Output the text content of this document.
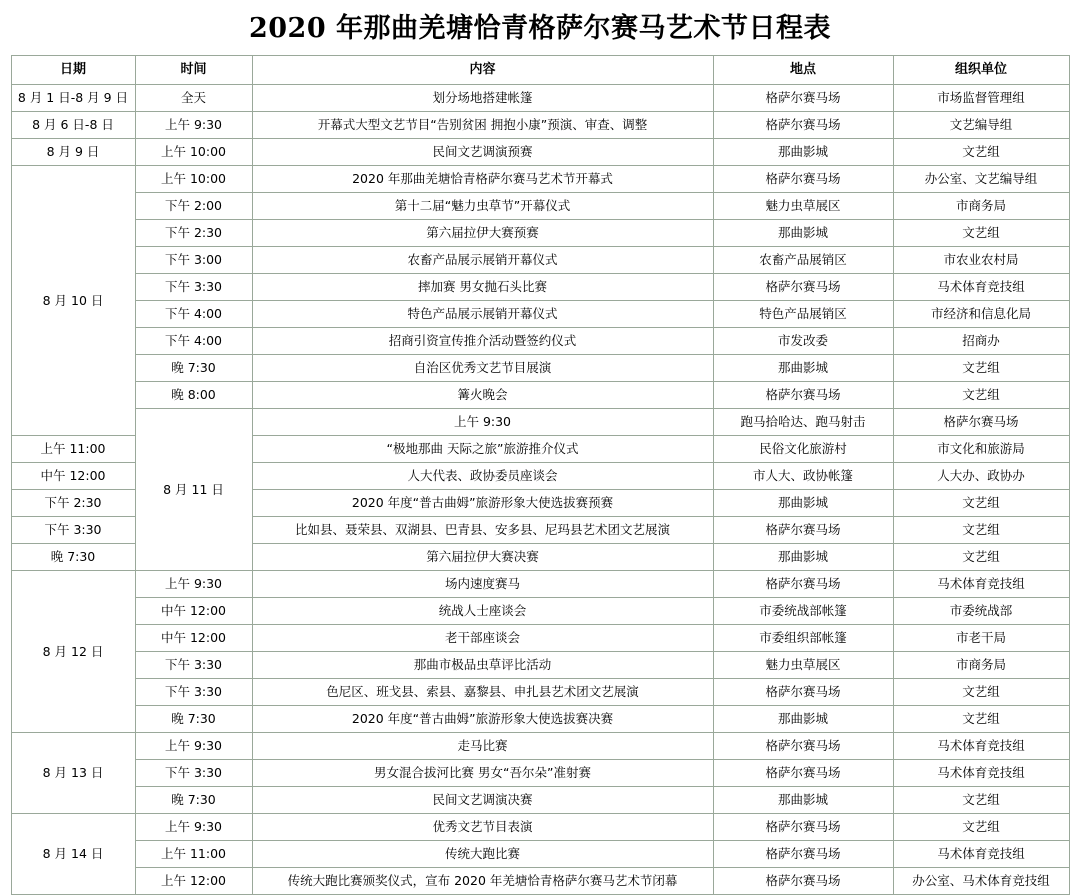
2020 年那曲羌塘恰青格萨尔赛马艺术节日程表
日期	时间	内容	地点	组织单位	
8 月 1 日-8 月 9 日	全天	划分场地搭建帐篷	格萨尔赛马场	市场监督管理组	
8 月 6 日-8 日	上午 9:30	开幕式大型文艺节目“告别贫困 拥抱小康”预演、审查、调整	格萨尔赛马场	文艺编导组	
8 月 9 日	上午 10:00	民间文艺调演预赛	那曲影城	文艺组	
8 月 10 日	上午 10:00	2020 年那曲羌塘恰青格萨尔赛马艺术节开幕式	格萨尔赛马场	办公室、文艺编导组	
	下午 2:00	第十二届“魅力虫草节”开幕仪式	魅力虫草展区	市商务局	
	下午 2:30	第六届拉伊大赛预赛	那曲影城	文艺组	
	下午 3:00	农畜产品展示展销开幕仪式	农畜产品展销区	市农业农村局	
	下午 3:30	摔加赛 男女抛石头比赛	格萨尔赛马场	马术体育竞技组	
	下午 4:00	特色产品展示展销开幕仪式	特色产品展销区	市经济和信息化局	
	下午 4:00	招商引资宣传推介活动暨签约仪式	市发改委	招商办	
	晚 7:30	自治区优秀文艺节目展演	那曲影城	文艺组	
	晚 8:00	篝火晚会	格萨尔赛马场	文艺组	
	8 月 11 日	上午 9:30	跑马拾哈达、跑马射击	格萨尔赛马场	
上午 11:00		“极地那曲 天际之旅”旅游推介仪式	民俗文化旅游村	市文化和旅游局	
中午 12:00		人大代表、政协委员座谈会	市人大、政协帐篷	人大办、政协办	
下午 2:30		2020 年度“普古曲姆”旅游形象大使选拔赛预赛	那曲影城	文艺组	
下午 3:30		比如县、聂荣县、双湖县、巴青县、安多县、尼玛县艺术团文艺展演	格萨尔赛马场	文艺组	
晚 7:30		第六届拉伊大赛决赛	那曲影城	文艺组	
8 月 12 日	上午 9:30	场内速度赛马	格萨尔赛马场	马术体育竞技组	
	中午 12:00	统战人士座谈会	市委统战部帐篷	市委统战部	
	中午 12:00	老干部座谈会	市委组织部帐篷	市老干局	
	下午 3:30	那曲市极品虫草评比活动	魅力虫草展区	市商务局	
	下午 3:30	色尼区、班戈县、索县、嘉黎县、申扎县艺术团文艺展演	格萨尔赛马场	文艺组	
	晚 7:30	2020 年度“普古曲姆”旅游形象大使选拔赛决赛	那曲影城	文艺组	
8 月 13 日	上午 9:30	走马比赛	格萨尔赛马场	马术体育竞技组	
	下午 3:30	男女混合拔河比赛 男女“吾尔朵”准射赛	格萨尔赛马场	马术体育竞技组	
	晚 7:30	民间文艺调演决赛	那曲影城	文艺组	
8 月 14 日	上午 9:30	优秀文艺节目表演	格萨尔赛马场	文艺组	
	上午 11:00	传统大跑比赛	格萨尔赛马场	马术体育竞技组	
	上午 12:00	传统大跑比赛颁奖仪式，宣布 2020 年羌塘恰青格萨尔赛马艺术节闭幕	格萨尔赛马场	办公室、马术体育竞技组	
